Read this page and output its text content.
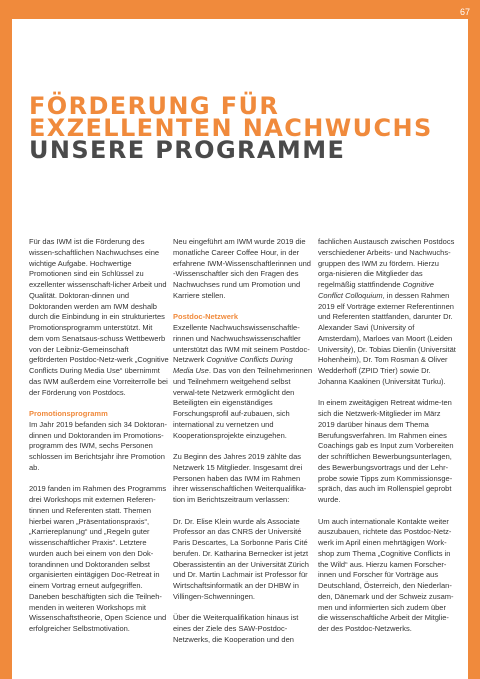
67
FÖRDERUNG FÜR
EXZELLENTEN NACHWUCHS
UNSERE PROGRAMME

Für das IWM ist die Förderung des wissen-schaftlichen Nachwuchses eine wichtige Aufgabe. Hochwertige Promotionen sind ein Schlüssel zu exzellenter wissenschaft-licher Arbeit und Qualität. Doktoran-dinnen und Doktoranden werden am IWM deshalb durch die Einbindung in ein strukturiertes Promotionsprogramm unterstützt. Mit dem vom Senatsaus-schuss Wettbewerb von der Leibniz-Gemeinschaft geförderten Postdoc-Netz-werk „Cognitive Conflicts During Media Use“ übernimmt das IWM außerdem eine Vorreiterrolle bei der Förderung von Postdocs.

Promotionsprogramm

Im Jahr 2019 befanden sich 34 Doktoran-dinnen und Doktoranden im Promotions-programm des IWM, sechs Personen schlossen im Berichtsjahr ihre Promotion ab.

2019 fanden im Rahmen des Programms drei Workshops mit externen Referen-tinnen und Referenten statt. Themen hierbei waren „Präsentationspraxis“, „Karriereplanung“ und „Regeln guter wissenschaftlicher Praxis“. Letztere wurden auch bei einem von den Dok-torandinnen und Doktoranden selbst organisierten eintägigen Doc-Retreat in einem Vortrag erneut aufgegriffen. Daneben beschäftigten sich die Teilneh-menden in weiteren Workshops mit Wissenschaftstheorie, Open Science und erfolgreicher Selbstmotivation.

Neu eingeführt am IWM wurde 2019 die monatliche Career Coffee Hour, in der erfahrene IWM-Wissenschaftlerinnen und -Wissenschaftler sich den Fragen des Nachwuchses rund um Promotion und Karriere stellen.

Postdoc-Netzwerk

Exzellente Nachwuchswissenschaftle-rinnen und Nachwuchswissenschaftler unterstützt das IWM mit seinem Postdoc-Netzwerk Cognitive Conflicts During Media Use. Das von den Teilnehmerinnen und Teilnehmern weitgehend selbst verwal-tete Netzwerk ermöglicht den Beteiligten ein eigenständiges Forschungsprofil auf-zubauen, sich international zu vernetzen und Kooperationsprojekte einzugehen.

Zu Beginn des Jahres 2019 zählte das Netzwerk 15 Mitglieder. Insgesamt drei Personen haben das IWM im Rahmen ihrer wissenschaftlichen Weiterqualifika-tion im Berichtszeitraum verlassen:

Dr. Dr. Elise Klein wurde als Associate Professor an das CNRS der Université Paris Descartes, La Sorbonne Paris Cité berufen. Dr. Katharina Bernecker ist jetzt Oberassistentin an der Universität Zürich und Dr. Martin Lachmair ist Professor für Wirtschaftsinformatik an der DHBW in Villingen-Schwenningen.

Über die Weiterqualifikation hinaus ist eines der Ziele des SAW-Postdoc-Netzwerks, die Kooperation und den

fachlichen Austausch zwischen Postdocs verschiedener Arbeits- und Nachwuchs-gruppen des IWM zu fördern. Hierzu orga-nisieren die Mitglieder das regelmäßig stattfindende Cognitive Conflict Colloquium, in dessen Rahmen 2019 elf Vorträge externer Referentinnen und Referenten stattfanden, darunter Dr. Alexander Savi (University of Amsterdam), Marloes van Moort (Leiden University), Dr. Tobias Dienlin (Universität Hohenheim), Dr. Tom Rosman & Oliver Wedderhoff (ZPID Trier) sowie Dr. Johanna Kaakinen (Universität Turku).

In einem zweitägigen Retreat widme-ten sich die Netzwerk-Mitglieder im März 2019 darüber hinaus dem Thema Berufungsverfahren. Im Rahmen eines Coachings gab es Input zum Vorbereiten der schriftlichen Bewerbungsunterlagen, des Bewerbungsvortrags und der Lehr-probe sowie Tipps zum Kommissionsge-spräch, das auch im Rollenspiel geprobt wurde.

Um auch internationale Kontakte weiter auszubauen, richtete das Postdoc-Netz-werk im April einen mehrtägigen Work-shop zum Thema „Cognitive Conflicts in the Wild“ aus. Hierzu kamen Forscher-innen und Forscher für Vorträge aus Deutschland, Österreich, den Niederlan-den, Dänemark und der Schweiz zusam-men und informierten sich zudem über die wissenschaftliche Arbeit der Mitglie-der des Postdoc-Netzwerks.
